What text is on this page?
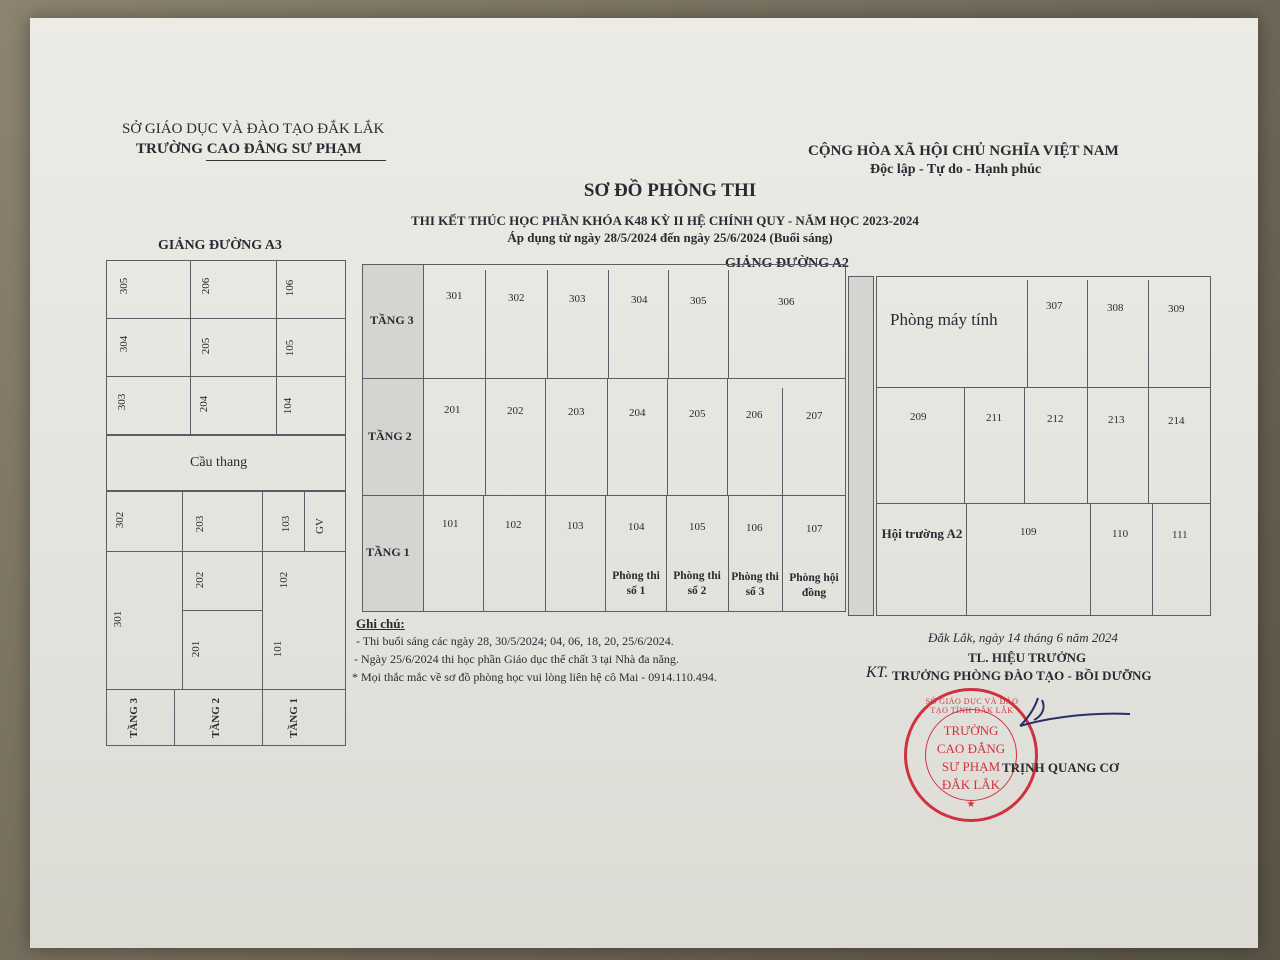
SỞ GIÁO DỤC VÀ ĐÀO TẠO ĐẮK LẮK
TRƯỜNG CAO ĐẲNG SƯ PHẠM	CỘNG HÒA XÃ HỘI CHỦ NGHĨA VIỆT NAM
Độc lập - Tự do - Hạnh phúc
SƠ ĐỒ PHÒNG THI
THI KẾT THÚC HỌC PHẦN KHÓA K48 KỲ II HỆ CHÍNH QUY - NĂM HỌC 2023-2024
Áp dụng từ ngày 28/5/2024 đến ngày 25/6/2024 (Buổi sáng)
GIẢNG ĐƯỜNG A3
305	206	106
304	205	105
303	204	104
Cầu thang
302	203	103 GV
202	102
301
201	101
TẦNG 3	TẦNG 2	TẦNG 1
GIẢNG ĐƯỜNG A2
TẦNG 3
TẦNG 2
TẦNG 1
301	302	303	304	305	306
201	202	203	204	205	206	207
101	102	103	104	105	106	107
Phòng thi số 1
Phòng thi số 2
Phòng thi số 3
Phòng hội đồng
Phòng máy tính
307	308	309
209	211	212	213	214
Hội trường A2	109	110	111
Ghi chú:
- Thi buổi sáng các ngày 28, 30/5/2024; 04, 06, 18, 20, 25/6/2024.
- Ngày 25/6/2024 thi học phần Giáo dục thể chất 3 tại Nhà đa năng.
* Mọi thắc mắc về sơ đồ phòng học vui lòng liên hệ cô Mai - 0914.110.494.
Đắk Lắk, ngày 14 tháng 6 năm 2024
TL. HIỆU TRƯỞNG
KT. TRƯỞNG PHÒNG ĐÀO TẠO - BỒI DƯỠNG
SỞ GIÁO DỤC VÀ ĐÀO TẠO TỈNH ĐẮK LẮK
TRƯỜNG
CAO ĐẲNG
SƯ PHẠM
ĐẮK LẮK
★
TRỊNH QUANG CƠ
